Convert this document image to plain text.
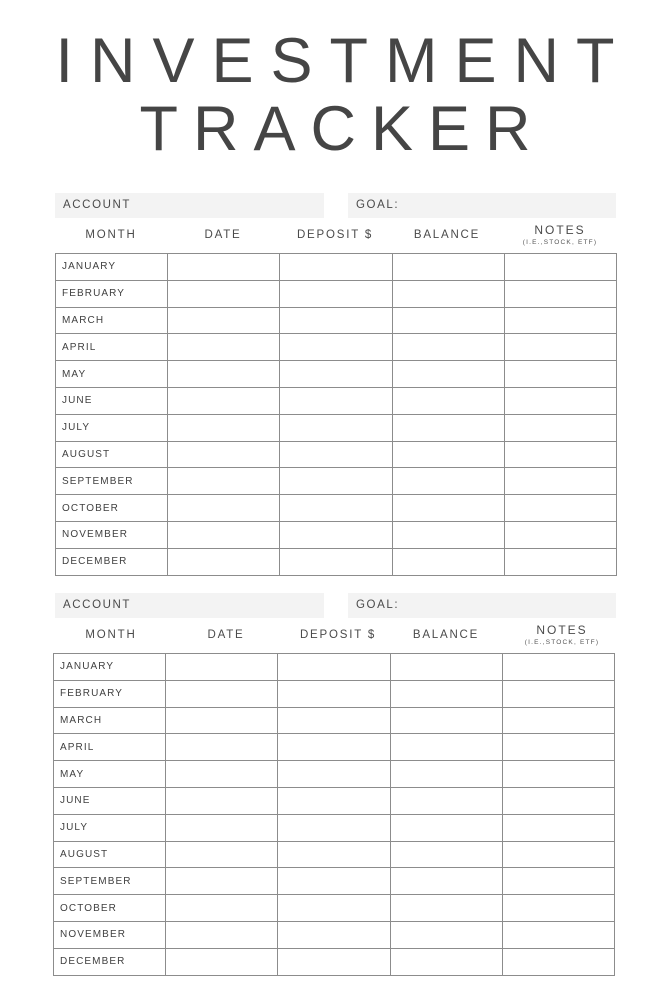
INVESTMENT
TRACKER
ACCOUNT	GOAL:
MONTH	DATE	DEPOSIT $	BALANCE	NOTES
(I.E.,STOCK, ETF)
JANUARY				
FEBRUARY				
MARCH				
APRIL				
MAY				
JUNE				
JULY				
AUGUST				
SEPTEMBER				
OCTOBER				
NOVEMBER				
DECEMBER				
ACCOUNT	GOAL:
MONTH	DATE	DEPOSIT $	BALANCE	NOTES
(I.E.,STOCK, ETF)
JANUARY				
FEBRUARY				
MARCH				
APRIL				
MAY				
JUNE				
JULY				
AUGUST				
SEPTEMBER				
OCTOBER				
NOVEMBER				
DECEMBER				
